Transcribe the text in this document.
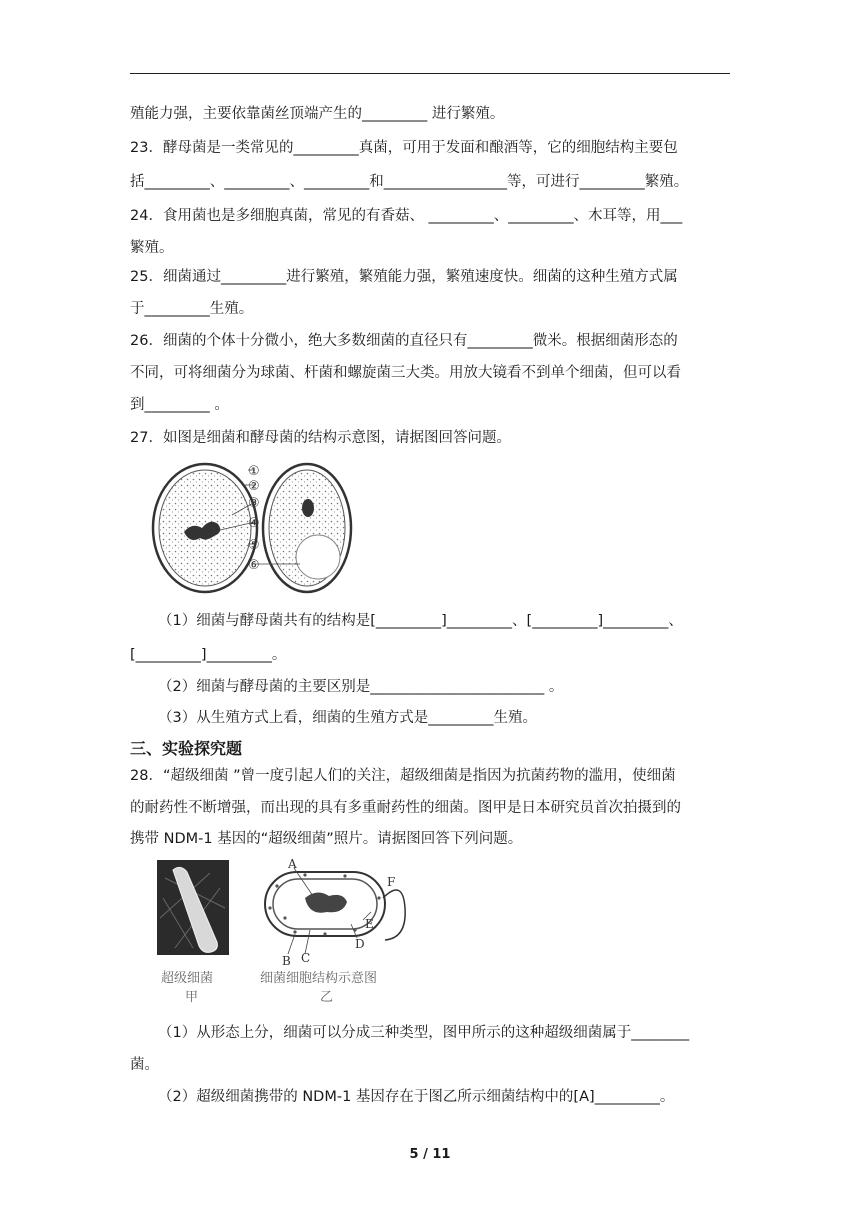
殖能力强，主要依靠菌丝顶端产生的_________ 进行繁殖。
23．酵母菌是一类常见的_________真菌，可用于发面和酿酒等，它的细胞结构主要包
括_________、_________、_________和_________________等，可进行_________繁殖。
24．食用菌也是多细胞真菌，常见的有香菇、 _________、_________、木耳等，用___
繁殖。
25．细菌通过_________进行繁殖，繁殖能力强，繁殖速度快。细菌的这种生殖方式属
于_________生殖。
26．细菌的个体十分微小，绝大多数细菌的直径只有_________微米。根据细菌形态的
不同，可将细菌分为球菌、杆菌和螺旋菌三大类。用放大镜看不到单个细菌，但可以看
到_________ 。
27．如图是细菌和酵母菌的结构示意图，请据图回答问题。
①
②
③
④
⑤
⑥
（1）细菌与酵母菌共有的结构是[_________]_________、[_________]_________、
[_________]_________。
（2）细菌与酵母菌的主要区别是________________________ 。
（3）从生殖方式上看，细菌的生殖方式是_________生殖。
三、实验探究题
28．“超级细菌 ”曾一度引起人们的关注，超级细菌是指因为抗菌药物的滥用，使细菌
的耐药性不断增强，而出现的具有多重耐药性的细菌。图甲是日本研究员首次拍摄到的
携带 NDM-1 基因的“超级细菌”照片。请据图回答下列问题。
A
B C
D
E
F
超级细菌
甲
细菌细胞结构示意图
乙
（1）从形态上分，细菌可以分成三种类型，图甲所示的这种超级细菌属于________
菌。
（2）超级细菌携带的 NDM-1 基因存在于图乙所示细菌结构中的[A]_________。
5 / 11
